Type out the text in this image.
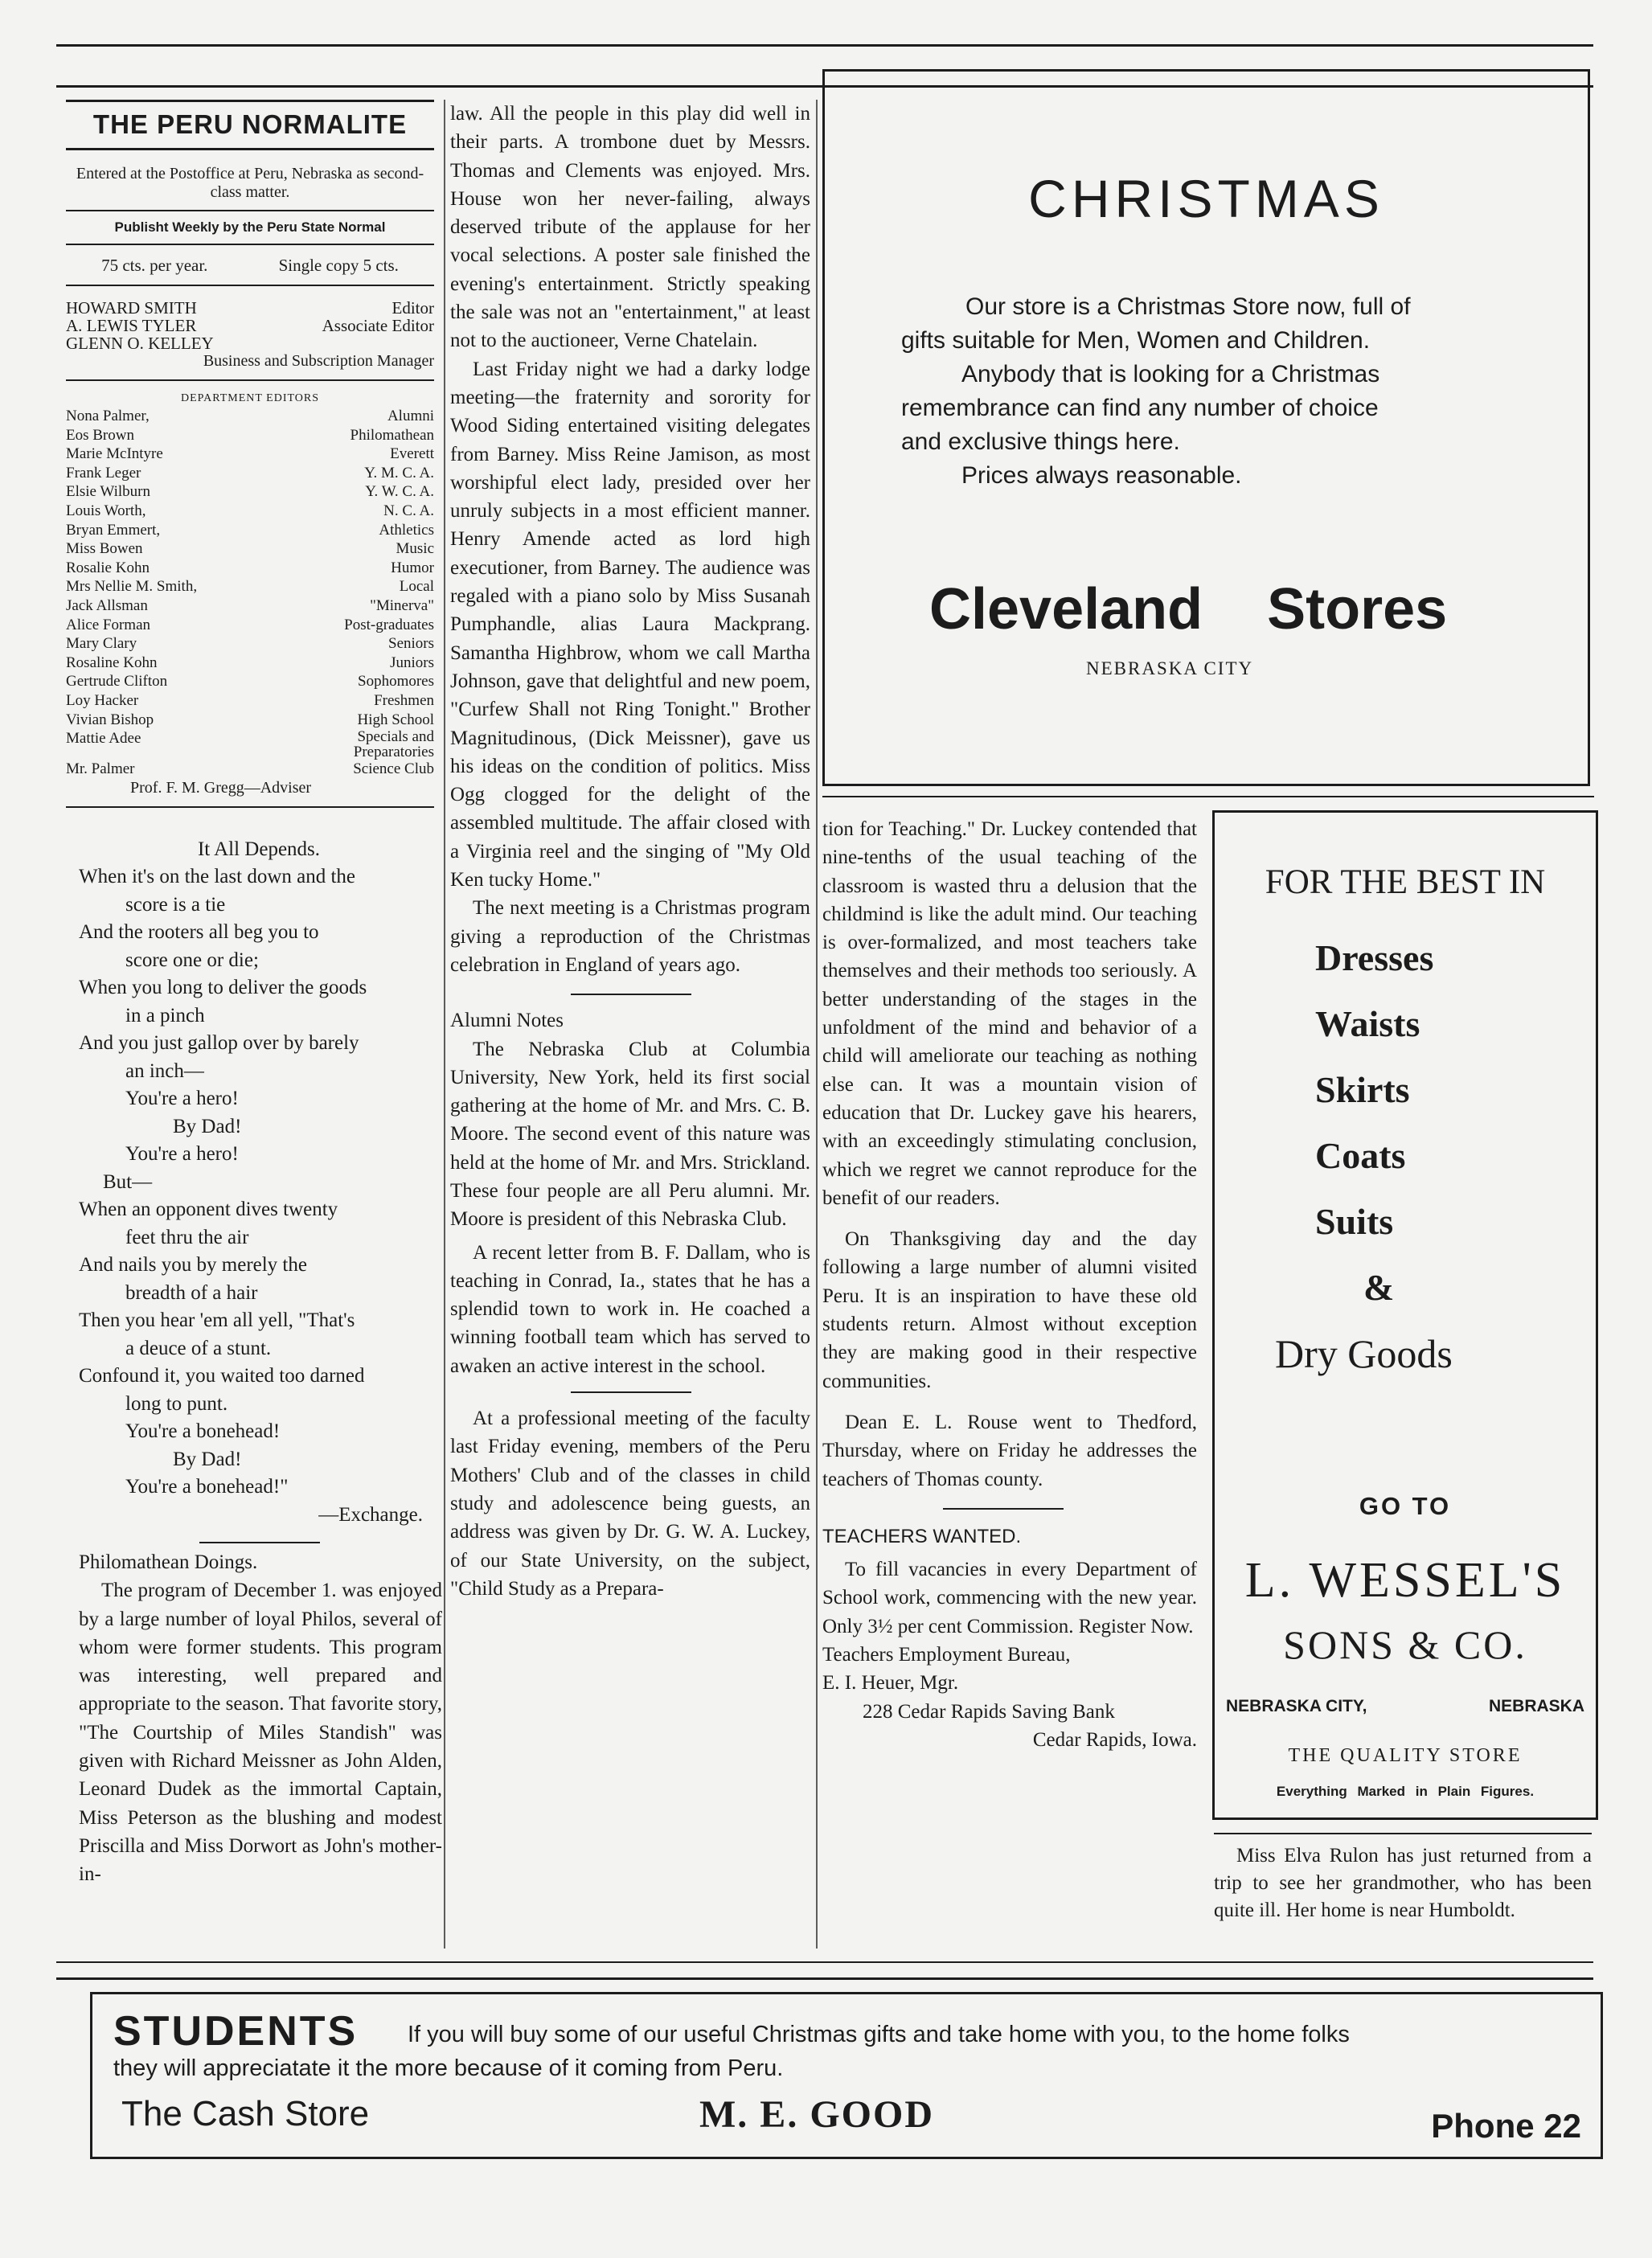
THE PERU NORMALITE
Entered at the Postoffice at Peru, Nebraska as second-class matter.
Publisht Weekly by the Peru State Normal
75 cts. per year.	Single copy 5 cts.
HOWARD SMITH	Editor
A. LEWIS TYLER	Associate Editor
GLENN O. KELLEY
Business and Subscription Manager
DEPARTMENT EDITORS
Nona Palmer,	Alumni
Eos Brown	Philomathean
Marie McIntyre	Everett
Frank Leger	Y. M. C. A.
Elsie Wilburn	Y. W. C. A.
Louis Worth,	N. C. A.
Bryan Emmert,	Athletics
Miss Bowen	Music
Rosalie Kohn	Humor
Mrs Nellie M. Smith,	Local
Jack Allsman	"Minerva"
Alice Forman	Post-graduates
Mary Clary	Seniors
Rosaline Kohn	Juniors
Gertrude Clifton	Sophomores
Loy Hacker	Freshmen
Vivian Bishop	High School
Mattie Adee	Specials and Preparatories
Mr. Palmer	Science Club
Prof. F. M. Gregg—Adviser
It All Depends.

When it's on the last down and the

score is a tie

And the rooters all beg you to

score one or die;

When you long to deliver the goods

in a pinch

And you just gallop over by barely

an inch—

You're a hero!

By Dad!

You're a hero!

But—

When an opponent dives twenty

feet thru the air

And nails you by merely the

breadth of a hair

Then you hear 'em all yell, "That's

a deuce of a stunt.

Confound it, you waited too darned

long to punt.

You're a bonehead!

By Dad!

You're a bonehead!"

—Exchange.

Philomathean Doings.

The program of December 1. was enjoyed by a large number of loyal Philos, several of whom were former students. This program was interesting, well prepared and appropriate to the season. That favorite story, "The Courtship of Miles Standish" was given with Richard Meissner as John Alden, Leonard Dudek as the immortal Captain, Miss Peterson as the blushing and modest Priscilla and Miss Dorwort as John's mother-in-

law. All the people in this play did well in their parts. A trombone duet by Messrs. Thomas and Clements was enjoyed. Mrs. House won her never-failing, always deserved tribute of the applause for her vocal selections. A poster sale finished the evening's entertainment. Strictly speaking the sale was not an "entertainment," at least not to the auctioneer, Verne Chatelain.

Last Friday night we had a darky lodge meeting—the fraternity and sorority for Wood Siding entertained visiting delegates from Barney. Miss Reine Jamison, as most worshipful elect lady, presided over her unruly subjects in a most efficient manner. Henry Amende acted as lord high executioner, from Barney. The audience was regaled with a piano solo by Miss Susanah Pumphandle, alias Laura Mackprang. Samantha Highbrow, whom we call Martha Johnson, gave that delightful and new poem, "Curfew Shall not Ring Tonight." Brother Magnitudinous, (Dick Meissner), gave us his ideas on the condition of politics. Miss Ogg clogged for the delight of the assembled multitude. The affair closed with a Virginia reel and the singing of "My Old Ken tucky Home."

The next meeting is a Christmas program giving a reproduction of the Christmas celebration in England of years ago.

Alumni Notes

The Nebraska Club at Columbia University, New York, held its first social gathering at the home of Mr. and Mrs. C. B. Moore. The second event of this nature was held at the home of Mr. and Mrs. Strickland. These four people are all Peru alumni. Mr. Moore is president of this Nebraska Club.

A recent letter from B. F. Dallam, who is teaching in Conrad, Ia., states that he has a splendid town to work in. He coached a winning football team which has served to awaken an active interest in the school.

At a professional meeting of the faculty last Friday evening, members of the Peru Mothers' Club and of the classes in child study and adolescence being guests, an address was given by Dr. G. W. A. Luckey, of our State University, on the subject, "Child Study as a Prepara-

CHRISTMAS
Our store is a Christmas Store now, full of
gifts suitable for Men, Women and Children.
Anybody that is looking for a Christmas
remembrance can find any number of choice
and exclusive things here.
Prices always reasonable.
Cleveland Stores
NEBRASKA CITY

tion for Teaching." Dr. Luckey contended that nine-tenths of the usual teaching of the classroom is wasted thru a delusion that the childmind is like the adult mind. Our teaching is over-formalized, and most teachers take themselves and their methods too seriously. A better understanding of the stages in the unfoldment of the mind and behavior of a child will ameliorate our teaching as nothing else can. It was a mountain vision of education that Dr. Luckey gave his hearers, with an exceedingly stimulating conclusion, which we regret we cannot reproduce for the benefit of our readers.

On Thanksgiving day and the day following a large number of alumni visited Peru. It is an inspiration to have these old students return. Almost without exception they are making good in their respective communities.

Dean E. L. Rouse went to Thedford, Thursday, where on Friday he addresses the teachers of Thomas county.

TEACHERS WANTED.

To fill vacancies in every Department of School work, commencing with the new year. Only 3½ per cent Commission. Register Now.

Teachers Employment Bureau,

E. I. Heuer, Mgr.

228 Cedar Rapids Saving Bank

Cedar Rapids, Iowa.

FOR THE BEST IN
Dresses
Waists
Skirts
Coats
Suits
&
Dry Goods
GO TO
L. WESSEL'S
SONS & CO.
NEBRASKA CITY,	NEBRASKA
THE QUALITY STORE
Everything Marked in Plain Figures.

Miss Elva Rulon has just returned from a trip to see her grandmother, who has been quite ill. Her home is near Humboldt.

STUDENTS If you will buy some of our useful Christmas gifts and take home with you, to the home folks
they will appreciatate it the more because of it coming from Peru.
The Cash Store	M. E. GOOD	Phone 22
